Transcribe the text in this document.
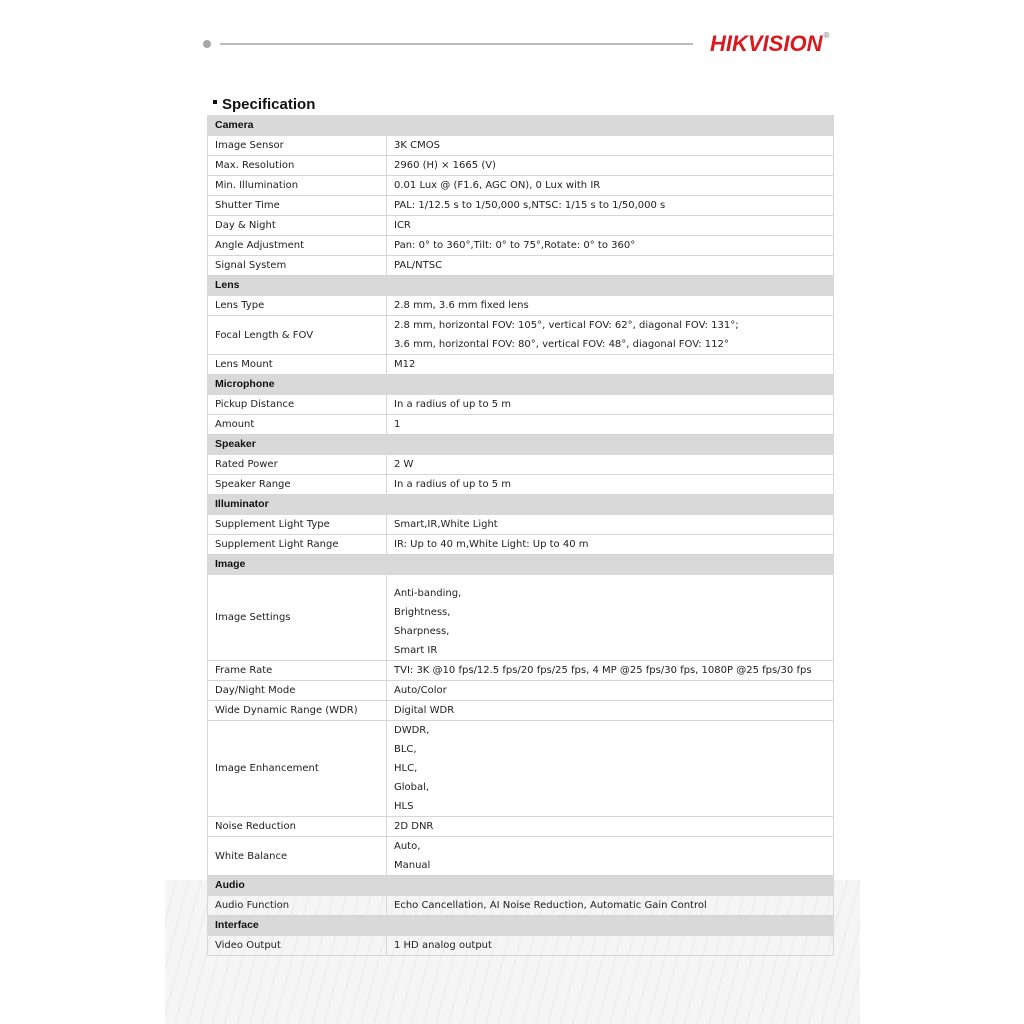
HIKVISION®
Specification
Camera	
Image Sensor	3K CMOS

Max. Resolution	2960 (H) × 1665 (V)

Min. Illumination	0.01 Lux @ (F1.6, AGC ON), 0 Lux with IR

Shutter Time	PAL: 1/12.5 s to 1/50,000 s,NTSC: 1/15 s to 1/50,000 s

Day & Night	ICR

Angle Adjustment	Pan: 0° to 360°,Tilt: 0° to 75°,Rotate: 0° to 360°

Signal System	PAL/NTSC

Lens	
Lens Type	2.8 mm, 3.6 mm fixed lens

Focal Length & FOV	2.8 mm, horizontal FOV: 105°, vertical FOV: 62°, diagonal FOV: 131°;
3.6 mm, horizontal FOV: 80°, vertical FOV: 48°, diagonal FOV: 112°

Lens Mount	M12

Microphone	
Pickup Distance	In a radius of up to 5 m

Amount	1

Speaker	
Rated Power	2 W

Speaker Range	In a radius of up to 5 m

Illuminator	
Supplement Light Type	Smart,IR,White Light

Supplement Light Range	IR: Up to 40 m,White Light: Up to 40 m

Image	
Image Settings	Anti-banding,
Brightness,
Sharpness,
Smart IR

Frame Rate	TVI: 3K @10 fps/12.5 fps/20 fps/25 fps, 4 MP @25 fps/30 fps, 1080P @25 fps/30 fps

Day/Night Mode	Auto/Color

Wide Dynamic Range (WDR)	Digital WDR

Image Enhancement	DWDR,
BLC,
HLC,
Global,
HLS

Noise Reduction	2D DNR

White Balance	Auto,
Manual

Audio	
Audio Function	Echo Cancellation, AI Noise Reduction, Automatic Gain Control

Interface	
Video Output	1 HD analog output
